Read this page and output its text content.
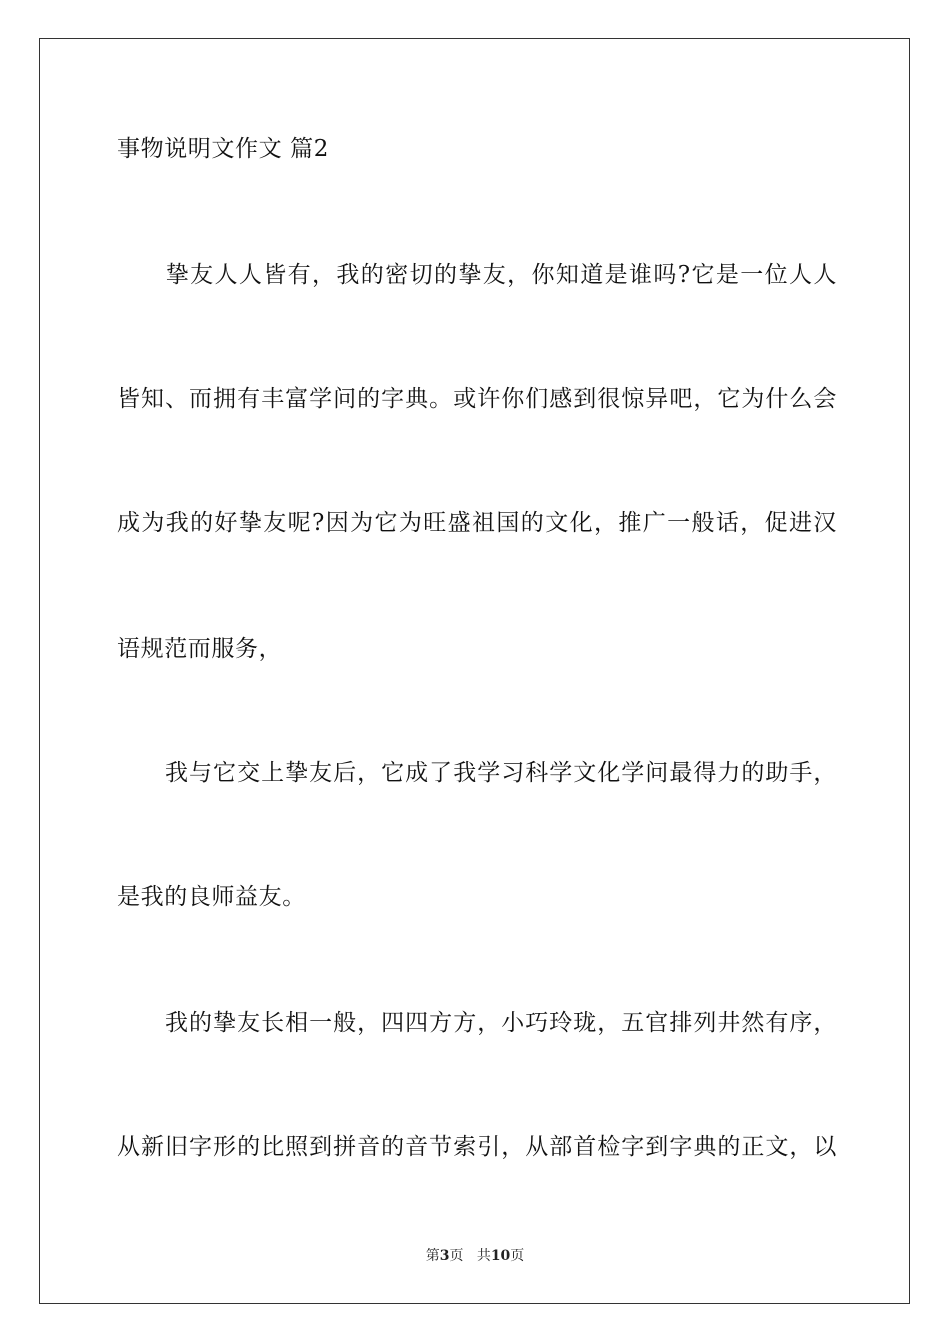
事物说明文作文 篇2
　　挚友人人皆有，我的密切的挚友，你知道是谁吗?它是一位人人
皆知、而拥有丰富学问的字典。或许你们感到很惊异吧，它为什么会
成为我的好挚友呢?因为它为旺盛祖国的文化，推广一般话，促进汉
语规范而服务，
　　我与它交上挚友后，它成了我学习科学文化学问最得力的助手，
是我的良师益友。
　　我的挚友长相一般，四四方方，小巧玲珑，五官排列井然有序，
从新旧字形的比照到拼音的音节索引，从部首检字到字典的正文，以
第3页 共10页
